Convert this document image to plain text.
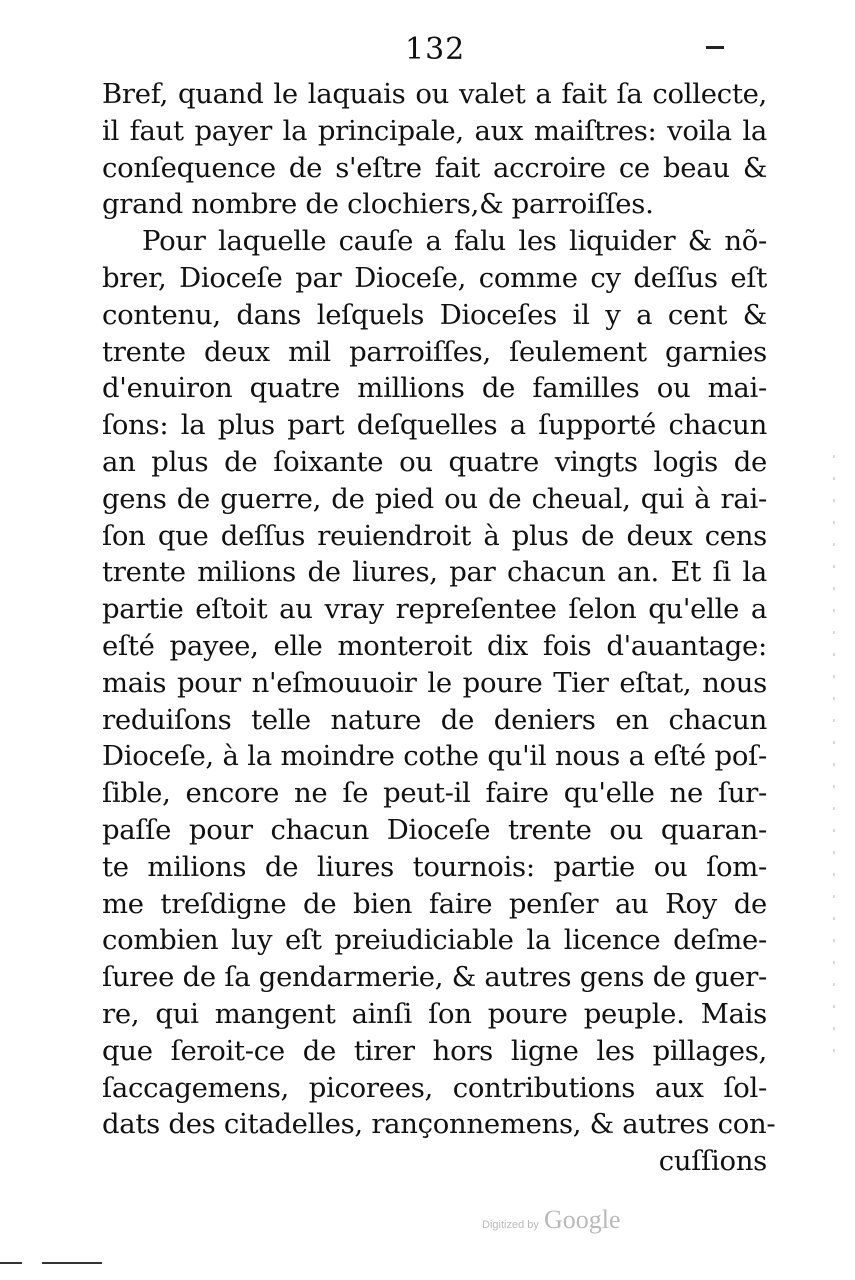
132
Bref, quand le laquais ou valet a fait ſa collecte,
il faut payer la principale, aux maiſtres: voila la
conſequence de s'eſtre fait accroire ce beau &
grand nombre de clochiers,& parroiſſes.
Pour laquelle cauſe a falu les liquider & nõ-
brer, Dioceſe par Dioceſe, comme cy deſſus eſt
contenu, dans leſquels Dioceſes il y a cent &
trente deux mil parroiſſes, ſeulement garnies
d'enuiron quatre millions de familles ou mai-
ſons: la plus part deſquelles a ſupporté chacun
an plus de ſoixante ou quatre vingts logis de
gens de guerre, de pied ou de cheual, qui à rai-
ſon que deſſus reuiendroit à plus de deux cens
trente milions de liures, par chacun an. Et ſi la
partie eſtoit au vray repreſentee ſelon qu'elle a
eſté payee, elle monteroit dix fois d'auantage:
mais pour n'eſmouuoir le poure Tier eſtat, nous
reduiſons telle nature de deniers en chacun
Dioceſe, à la moindre cothe qu'il nous a eſté poſ-
ſible, encore ne ſe peut-il faire qu'elle ne ſur-
paſſe pour chacun Dioceſe trente ou quaran-
te milions de liures tournois: partie ou ſom-
me treſdigne de bien faire penſer au Roy de
combien luy eſt preiudiciable la licence deſme-
ſuree de ſa gendarmerie, & autres gens de guer-
re, qui mangent ainſi ſon poure peuple. Mais
que ſeroit-ce de tirer hors ligne les pillages,
ſaccagemens, picorees, contributions aux ſol-
dats des citadelles, rançonnemens, & autres con-
cuſſions
Digitized by Google
